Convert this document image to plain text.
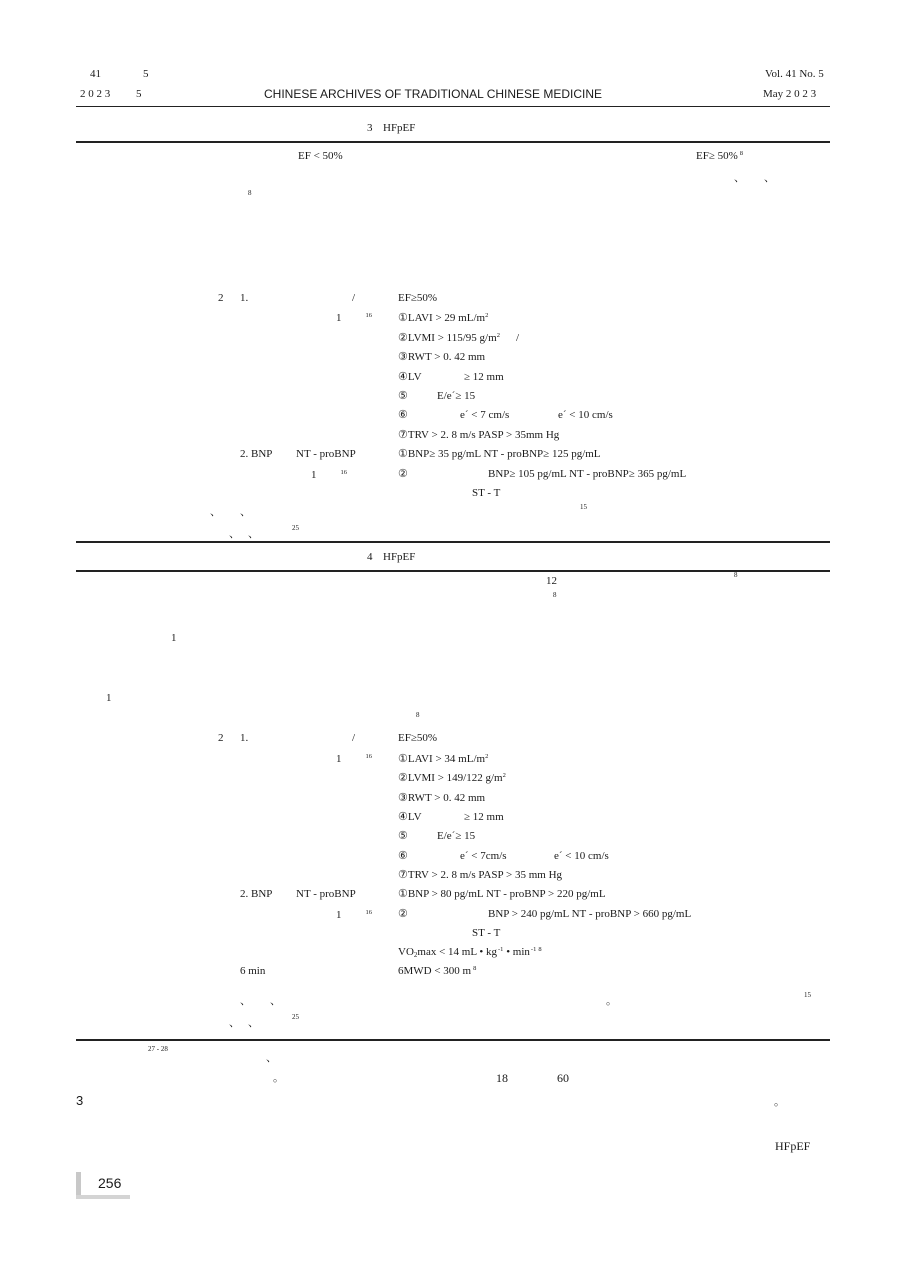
41	5
2 0 2 3 5	CHINESE ARCHIVES OF TRADITIONAL CHINESE MEDICINE
Vol. 41 No. 5
May 2 0 2 3
3 HFpEF
EF < 50%	EF≥ 50% $^8$
、 、
8
2 1.	/	EF≥50%
1	$^{16}$ ①LAVI > 29 $mL/m^2$
②LVMI > 115/95 $g/m^2$ /
③RWT > 0. 42 mm
④LV	≥ 12 mm
⑤	E/e´≥ 15
⑥	e´ < 7 cm/s	e´ < 10 cm/s
⑦TRV > 2. 8 m/s PASP > 35mm Hg
2. BNP NT - proBNP	①BNP≥ 35 pg/mL NT - proBNP≥ 125 pg/mL
1	$^{16}$	②	BNP≥ 105 pg/mL NT - proBNP≥ 365 pg/mL
ST - T
15
、 、
、 、	25
4 HFpEF
12	8
8
1
1
8
2 1.	/	EF≥50%
1	$^{16}$ ①LAVI > 34 $mL/m^2$
②LVMI > 149/122 $g/m^2$
③RWT > 0. 42 mm
④LV	≥ 12 mm
⑤	E/e´≥ 15
⑥	e´ < 7cm/s	e´ < 10 cm/s
⑦TRV > 2. 8 m/s PASP > 35 mm Hg
2. BNP NT - proBNP	①BNP > 80 pg/mL NT - proBNP > 220 pg/mL
1	$^{16}$ ②	BNP > 240 pg/mL NT - proBNP > 660 pg/mL
ST - T
$VO_2\max < 14$ mL • $kg^{-1}$ • $\min^{-1} ^8$
6 min	6MWD < 300 m $^8$
、 、	。	15
、 、	25
27 - 28
、
。	18	60
3	。
HFpEF
256
